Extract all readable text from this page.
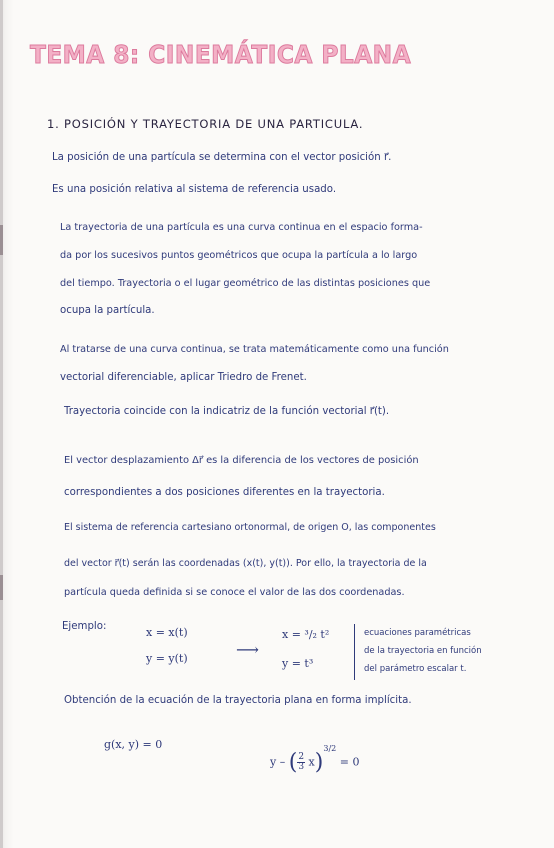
TEMA 8: CINEMÁTICA PLANA
1. POSICIÓN Y TRAYECTORIA DE UNA PARTICULA.
La posición de una partícula se determina con el vector posición r⃗.
Es una posición relativa al sistema de referencia usado.
La trayectoria de una partícula es una curva continua en el espacio forma-
da por los sucesivos puntos geométricos que ocupa la partícula a lo largo
del tiempo. Trayectoria o el lugar geométrico de las distintas posiciones que
ocupa la partícula.
Al tratarse de una curva continua, se trata matemáticamente como una función
vectorial diferenciable, aplicar Triedro de Frenet.
Trayectoria coincide con la indicatriz de la función vectorial r⃗(t).
El vector desplazamiento Δr⃗ es la diferencia de los vectores de posición
correspondientes a dos posiciones diferentes en la trayectoria.
El sistema de referencia cartesiano ortonormal, de origen O, las componentes
del vector r⃗(t) serán las coordenadas (x(t), y(t)). Por ello, la trayectoria de la
partícula queda definida si se conoce el valor de las dos coordenadas.
Ejemplo:	x = x(t)
y = y(t)	⟶
x = ³/₂ t²
y = t³
ecuaciones paramétricas
de la trayectoria en función
del parámetro escalar t.
Obtención de la ecuación de la trayectoria plana en forma implícita.
g(x, y) = 0
y – ( $\frac{2}{3} x)^{3/2} = 0$
